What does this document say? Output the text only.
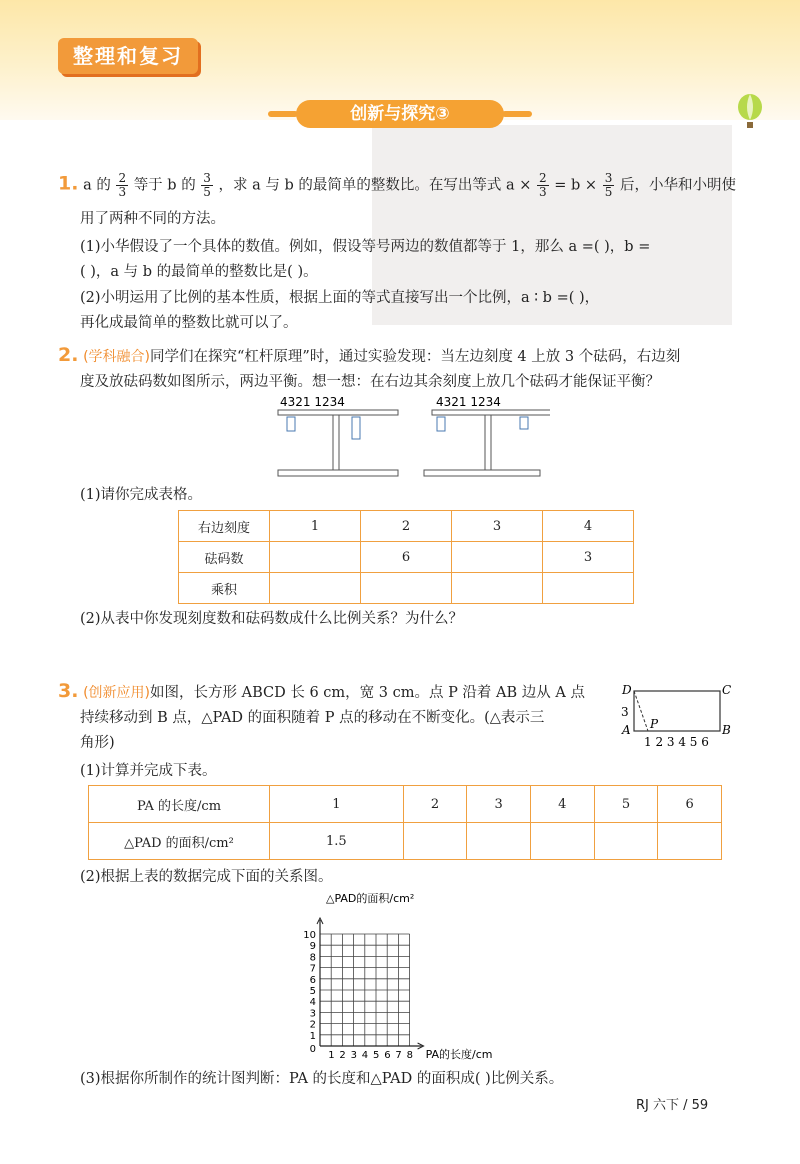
整理和复习
创新与探究③
1. a 的 $\frac{2}{3}$ 等于 b 的 $\frac{3}{5}$ ，求 a 与 b 的最简单的整数比。在写出等式 $a \times \frac{2}{3} = b \times \frac{3}{5}$ 后，小华和小明使
用了两种不同的方法。
(1)小华假设了一个具体的数值。例如，假设等号两边的数值都等于 1，那么 a =( )，b =
( )，a 与 b 的最简单的整数比是( )。
(2)小明运用了比例的基本性质，根据上面的等式直接写出一个比例，a ∶ b =( )，
再化成最简单的整数比就可以了。
2. (学科融合)同学们在探究“杠杆原理”时，通过实验发现：当左边刻度 4 上放 3 个砝码，右边刻
度及放砝码数如图所示，两边平衡。想一想：在右边其余刻度上放几个砝码才能保证平衡？
4321 1234	4321 1234
(1)请你完成表格。
右边刻度	1	2	3	4
砝码数		6		3
乘积				
(2)从表中你发现刻度数和砝码数成什么比例关系？为什么？
3. (创新应用)如图，长方形 ABCD 长 6 cm，宽 3 cm。点 P 沿着 AB 边从 A 点
持续移动到 B 点，△PAD 的面积随着 P 点的移动在不断变化。(△表示三
角形)
D	C
A	B
P
3
1 2 3 4 5 6
(1)计算并完成下表。
PA 的长度/cm	1	2	3	4	5	6
△PAD 的面积/cm²	1.5					
(2)根据上表的数据完成下面的关系图。
1 2 3 4 5 6 7 8
1
2
3
4
5
6
7
8
9
10
0
△PAD的面积/cm²
PA的长度/cm
(3)根据你所制作的统计图判断：PA 的长度和△PAD 的面积成( )比例关系。
RJ 六下 / 59
